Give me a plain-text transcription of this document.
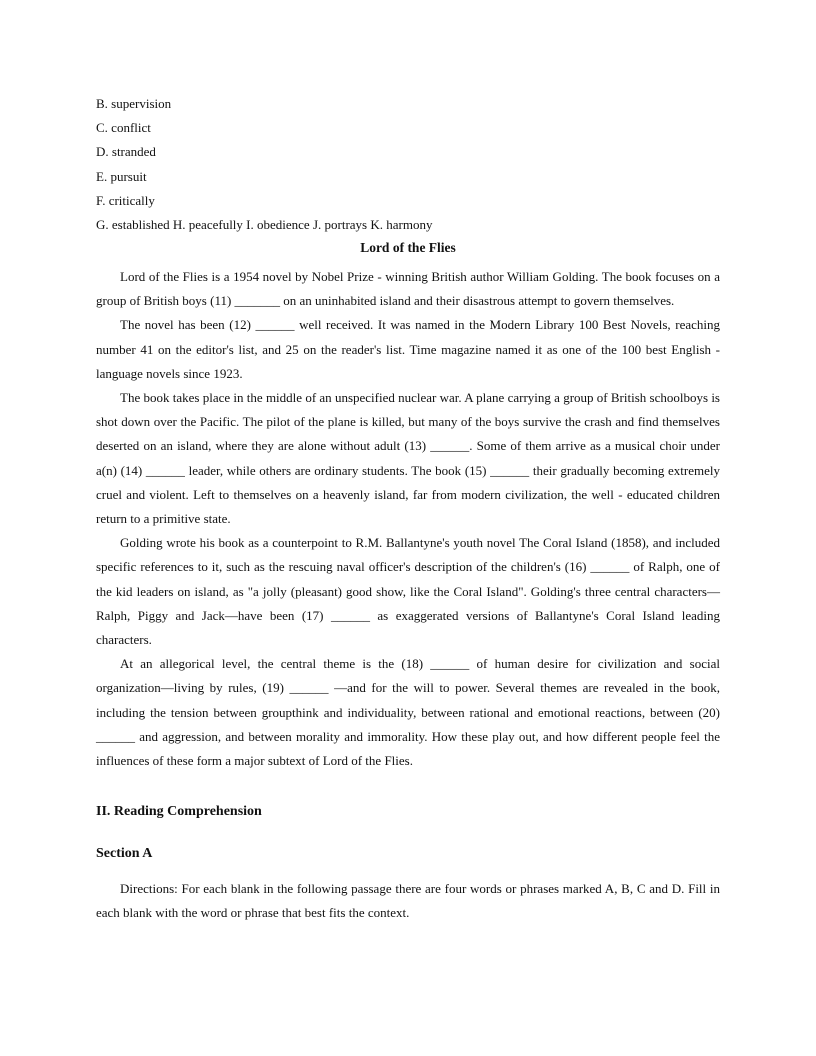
B. supervision
C. conflict
D. stranded
E. pursuit
F. critically
G. established H. peacefully I. obedience J. portrays K. harmony
Lord of the Flies

Lord of the Flies is a 1954 novel by Nobel Prize - winning British author William Golding. The book focuses on a group of British boys (11) _______ on an uninhabited island and their disastrous attempt to govern themselves.

The novel has been (12) ______ well received. It was named in the Modern Library 100 Best Novels, reaching number 41 on the editor's list, and 25 on the reader's list. Time magazine named it as one of the 100 best English - language novels since 1923.

The book takes place in the middle of an unspecified nuclear war. A plane carrying a group of British schoolboys is shot down over the Pacific. The pilot of the plane is killed, but many of the boys survive the crash and find themselves deserted on an island, where they are alone without adult (13) ______. Some of them arrive as a musical choir under a(n) (14) ______ leader, while others are ordinary students. The book (15) ______ their gradually becoming extremely cruel and violent. Left to themselves on a heavenly island, far from modern civilization, the well - educated children return to a primitive state.

Golding wrote his book as a counterpoint to R.M. Ballantyne's youth novel The Coral Island (1858), and included specific references to it, such as the rescuing naval officer's description of the children's (16) ______ of Ralph, one of the kid leaders on island, as "a jolly (pleasant) good show, like the Coral Island". Golding's three central characters—Ralph, Piggy and Jack—have been (17) ______ as exaggerated versions of Ballantyne's Coral Island leading characters.

At an allegorical level, the central theme is the (18) ______ of human desire for civilization and social organization—living by rules, (19) ______ —and for the will to power. Several themes are revealed in the book, including the tension between groupthink and individuality, between rational and emotional reactions, between (20) ______ and aggression, and between morality and immorality. How these play out, and how different people feel the influences of these form a major subtext of Lord of the Flies.

II. Reading Comprehension
Section A

Directions: For each blank in the following passage there are four words or phrases marked A, B, C and D. Fill in each blank with the word or phrase that best fits the context.
